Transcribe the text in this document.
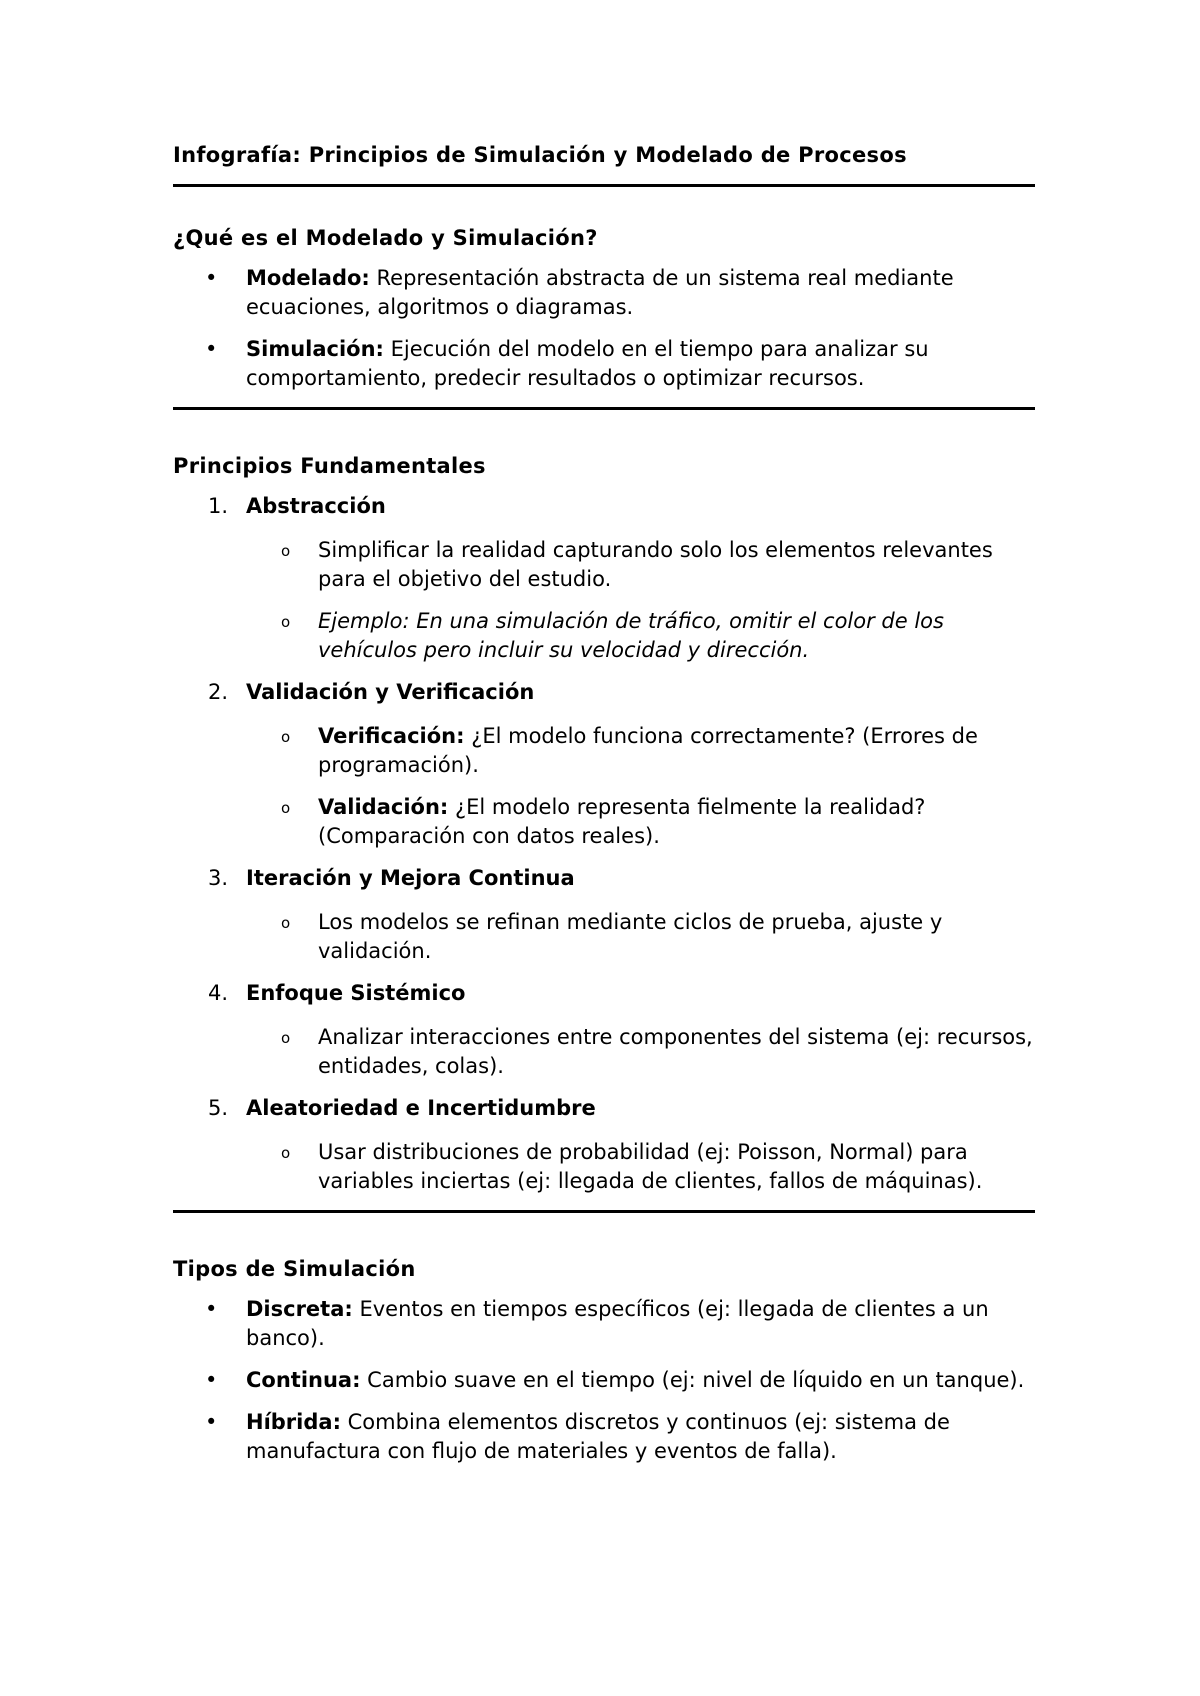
Infografía: Principios de Simulación y Modelado de Procesos
¿Qué es el Modelado y Simulación?
• Modelado: Representación abstracta de un sistema real mediante ecuaciones, algoritmos o diagramas.
• Simulación: Ejecución del modelo en el tiempo para analizar su comportamiento, predecir resultados o optimizar recursos.
Principios Fundamentales
1. Abstracción
o Simplificar la realidad capturando solo los elementos relevantes para el objetivo del estudio.
o Ejemplo: En una simulación de tráfico, omitir el color de los vehículos pero incluir su velocidad y dirección.
2. Validación y Verificación
o Verificación: ¿El modelo funciona correctamente? (Errores de programación).
o Validación: ¿El modelo representa fielmente la realidad? (Comparación con datos reales).
3. Iteración y Mejora Continua
o Los modelos se refinan mediante ciclos de prueba, ajuste y validación.
4. Enfoque Sistémico
o Analizar interacciones entre componentes del sistema (ej: recursos, entidades, colas).
5. Aleatoriedad e Incertidumbre
o Usar distribuciones de probabilidad (ej: Poisson, Normal) para variables inciertas (ej: llegada de clientes, fallos de máquinas).
Tipos de Simulación
• Discreta: Eventos en tiempos específicos (ej: llegada de clientes a un banco).
• Continua: Cambio suave en el tiempo (ej: nivel de líquido en un tanque).
• Híbrida: Combina elementos discretos y continuos (ej: sistema de manufactura con flujo de materiales y eventos de falla).
